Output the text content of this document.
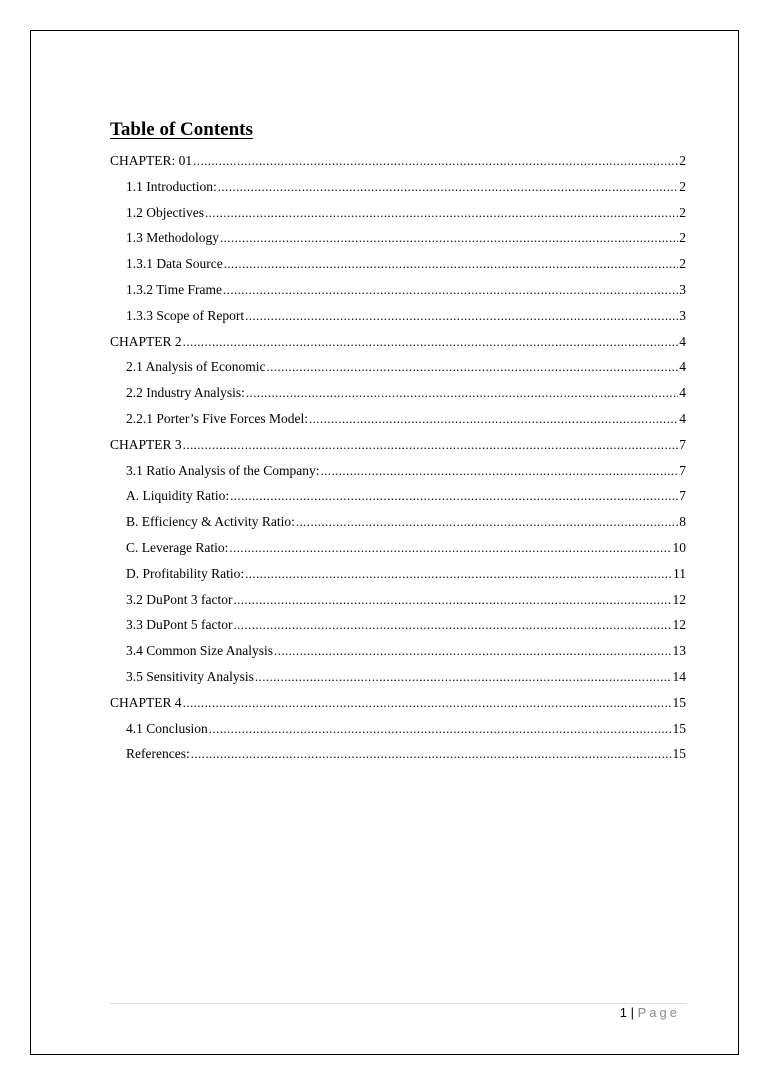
Table of Contents
CHAPTER: 01 .....	2
1.1 Introduction: .....	2
1.2 Objectives .....	2
1.3 Methodology .....	2
1.3.1 Data Source .....	2
1.3.2 Time Frame .....	3
1.3.3 Scope of Report .....	3
CHAPTER 2 .....	4
2.1 Analysis of Economic .....	4
2.2 Industry Analysis: .....	4
2.2.1 Porter’s Five Forces Model: .....	4
CHAPTER 3 .....	7
3.1 Ratio Analysis of the Company: .....	7
A. Liquidity Ratio: .....	7
B. Efficiency & Activity Ratio: .....	8
C. Leverage Ratio: .....	10
D. Profitability Ratio: .....	11
3.2 DuPont 3 factor .....	12
3.3 DuPont 5 factor .....	12
3.4 Common Size Analysis .....	13
3.5 Sensitivity Analysis .....	14
CHAPTER 4 .....	15
4.1 Conclusion .....	15
References: .....	15
1 | Page
